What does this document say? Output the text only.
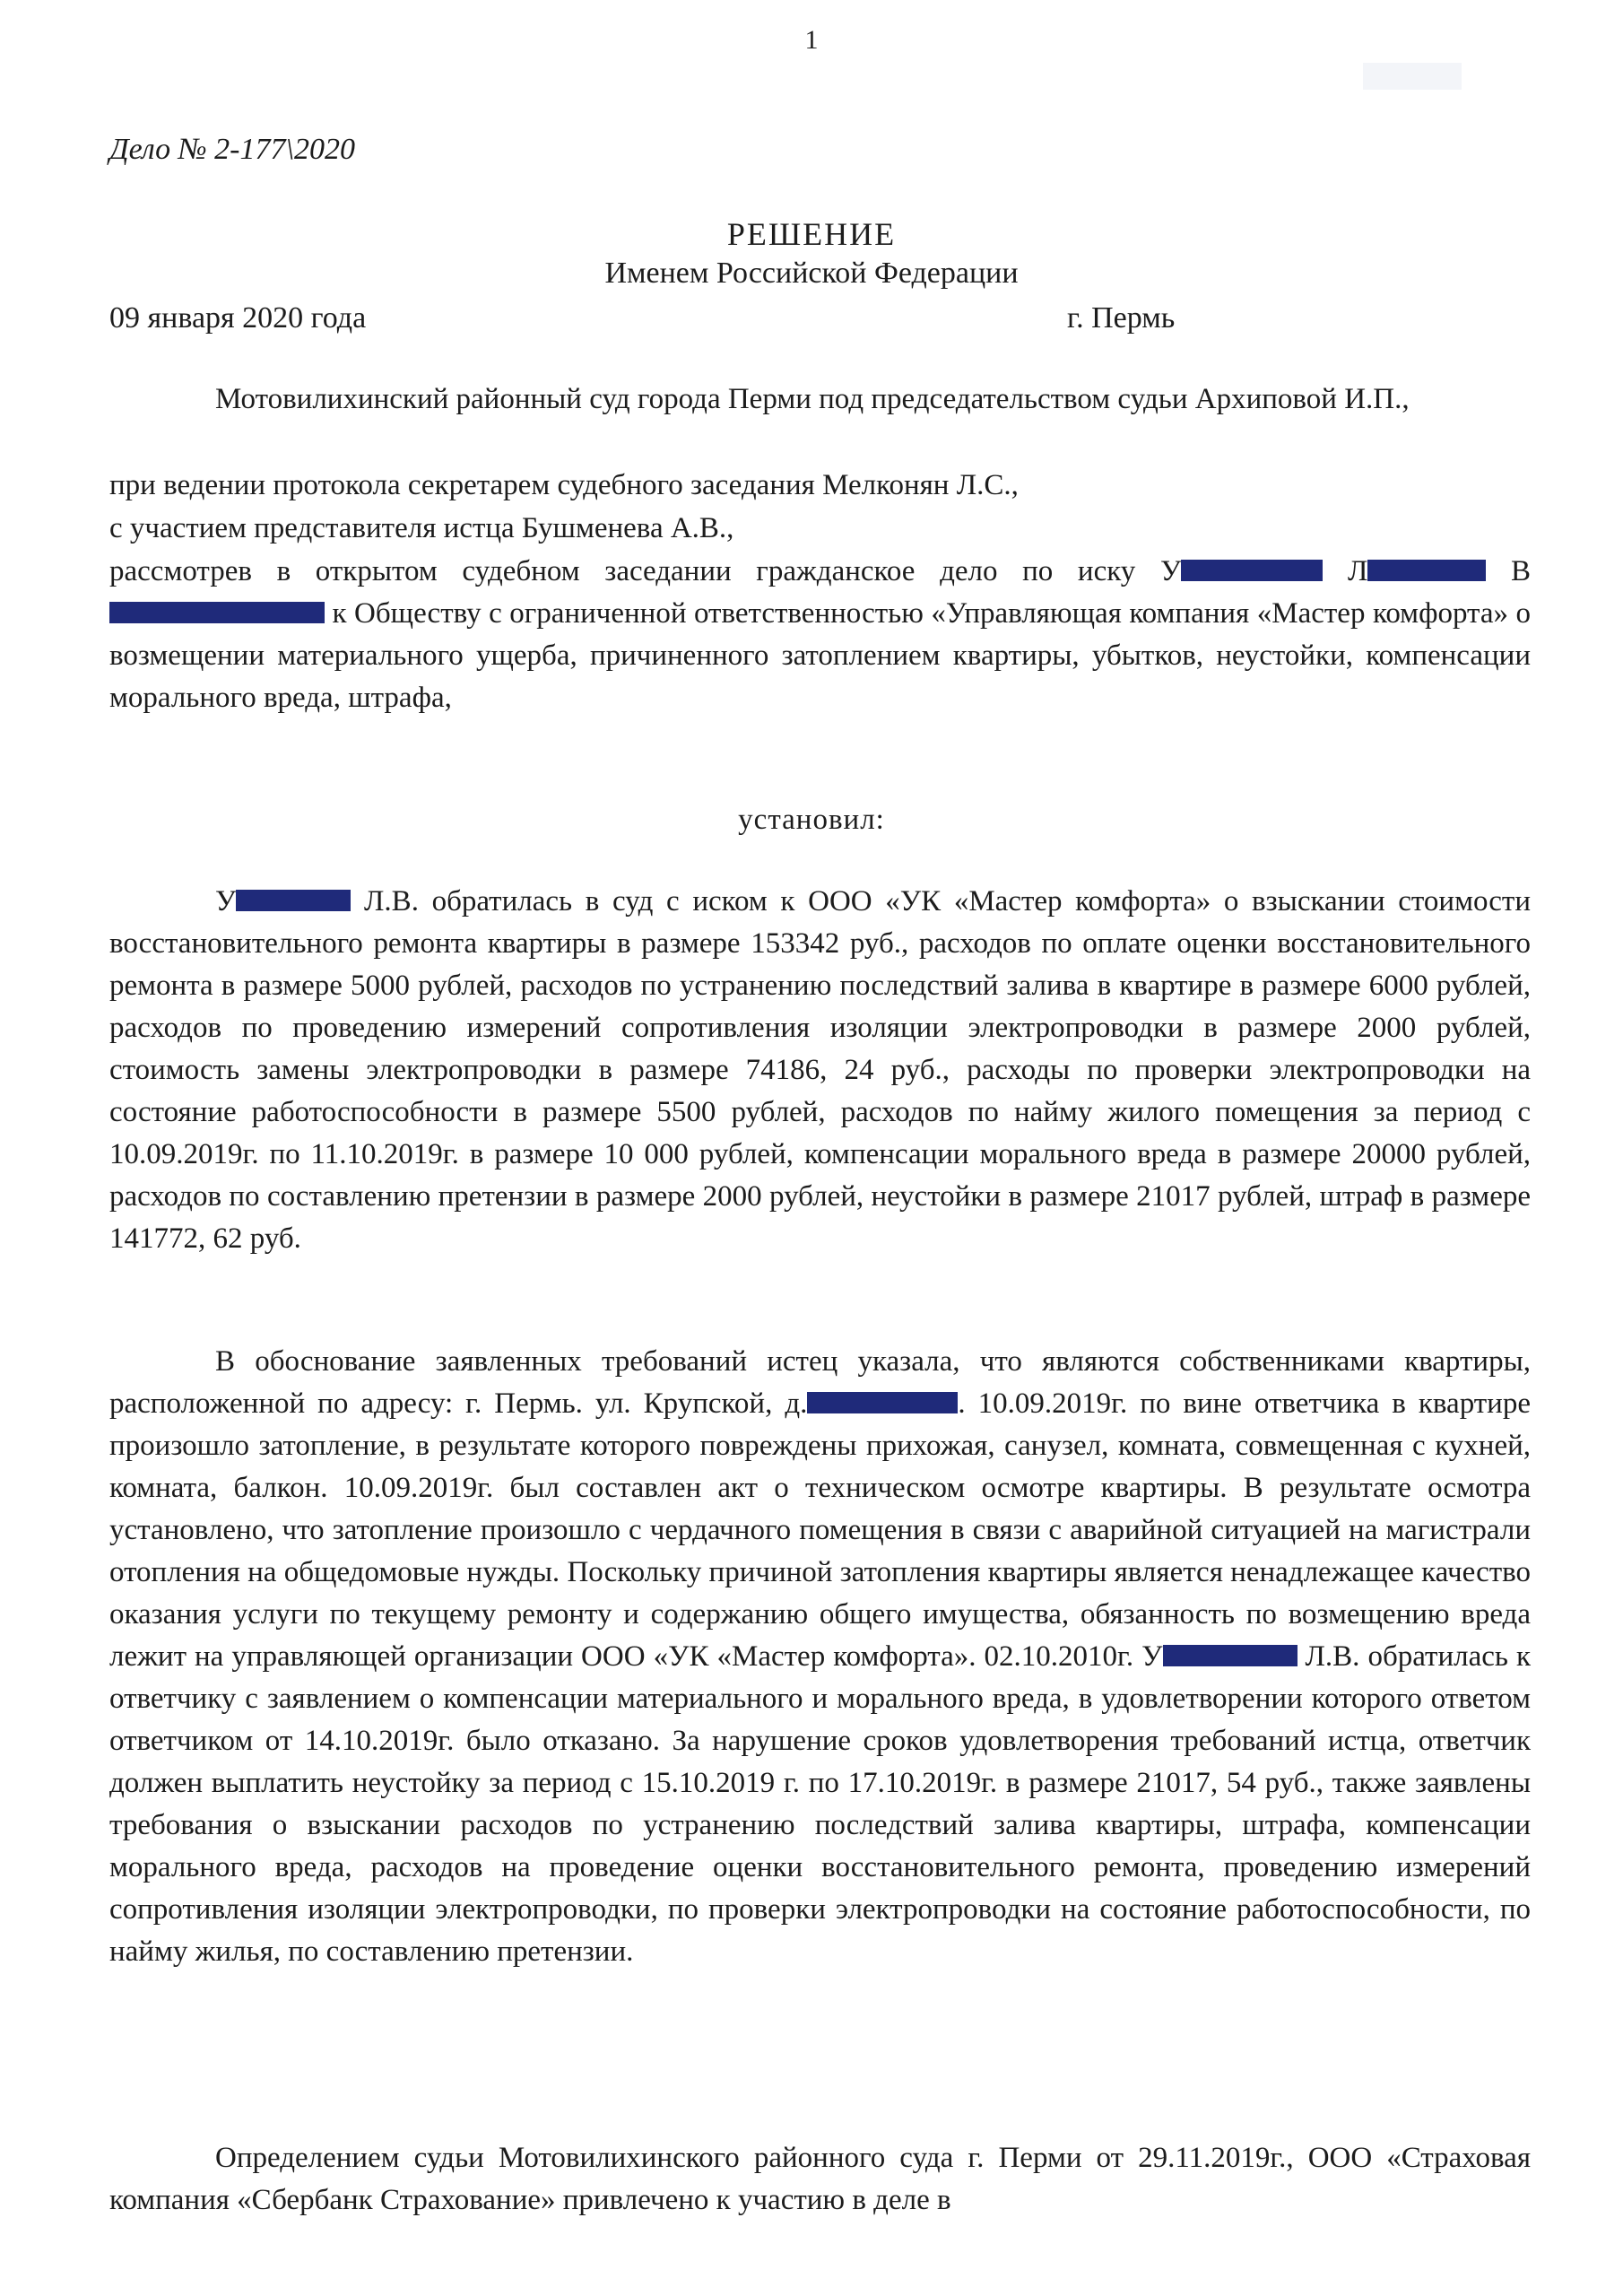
1
Дело № 2-177\2020
РЕШЕНИЕ
Именем Российской Федерации
09 января 2020 года	г. Пермь
Мотовилихинский районный суд города Перми под председательством судьи Архиповой И.П.,
при ведении протокола секретарем судебного заседания Мелконян Л.С.,
с участием представителя истца Бушменева А.В.,
рассмотрев в открытом судебном заседании гражданское дело по иску У	Л	В к Обществу с ограниченной ответственностью «Управляющая компания «Мастер комфорта» о возмещении материального ущерба, причиненного затоплением квартиры, убытков, неустойки, компенсации морального вреда, штрафа,
установил:
У	Л.В. обратилась в суд с иском к ООО «УК «Мастер комфорта» о взыскании стоимости восстановительного ремонта квартиры в размере 153342 руб., расходов по оплате оценки восстановительного ремонта в размере 5000 рублей, расходов по устранению последствий залива в квартире в размере 6000 рублей, расходов по проведению измерений сопротивления изоляции электропроводки в размере 2000 рублей, стоимость замены электропроводки в размере 74186, 24 руб., расходы по проверки электропроводки на состояние работоспособности в размере 5500 рублей, расходов по найму жилого помещения за период с 10.09.2019г. по 11.10.2019г. в размере 10 000 рублей, компенсации морального вреда в размере 20000 рублей, расходов по составлению претензии в размере 2000 рублей, неустойки в размере 21017 рублей, штраф в размере 141772, 62 руб.
В обоснование заявленных требований истец указала, что являются собственниками квартиры, расположенной по адресу: г. Пермь. ул. Крупской, д.	. 10.09.2019г. по вине ответчика в квартире произошло затопление, в результате которого повреждены прихожая, санузел, комната, совмещенная с кухней, комната, балкон. 10.09.2019г. был составлен акт о техническом осмотре квартиры. В результате осмотра установлено, что затопление произошло с чердачного помещения в связи с аварийной ситуацией на магистрали отопления на общедомовые нужды. Поскольку причиной затопления квартиры является ненадлежащее качество оказания услуги по текущему ремонту и содержанию общего имущества, обязанность по возмещению вреда лежит на управляющей организации ООО «УК «Мастер комфорта». 02.10.2010г. У	Л.В. обратилась к ответчику с заявлением о компенсации материального и морального вреда, в удовлетворении которого ответом ответчиком от 14.10.2019г. было отказано. За нарушение сроков удовлетворения требований истца, ответчик должен выплатить неустойку за период с 15.10.2019 г. по 17.10.2019г. в размере 21017, 54 руб., также заявлены требования о взыскании расходов по устранению последствий залива квартиры, штрафа, компенсации морального вреда, расходов на проведение оценки восстановительного ремонта, проведению измерений сопротивления изоляции электропроводки, по проверки электропроводки на состояние работоспособности, по найму жилья, по составлению претензии.
Определением судьи Мотовилихинского районного суда г. Перми от 29.11.2019г., ООО «Страховая компания «Сбербанк Страхование» привлечено к участию в деле в
